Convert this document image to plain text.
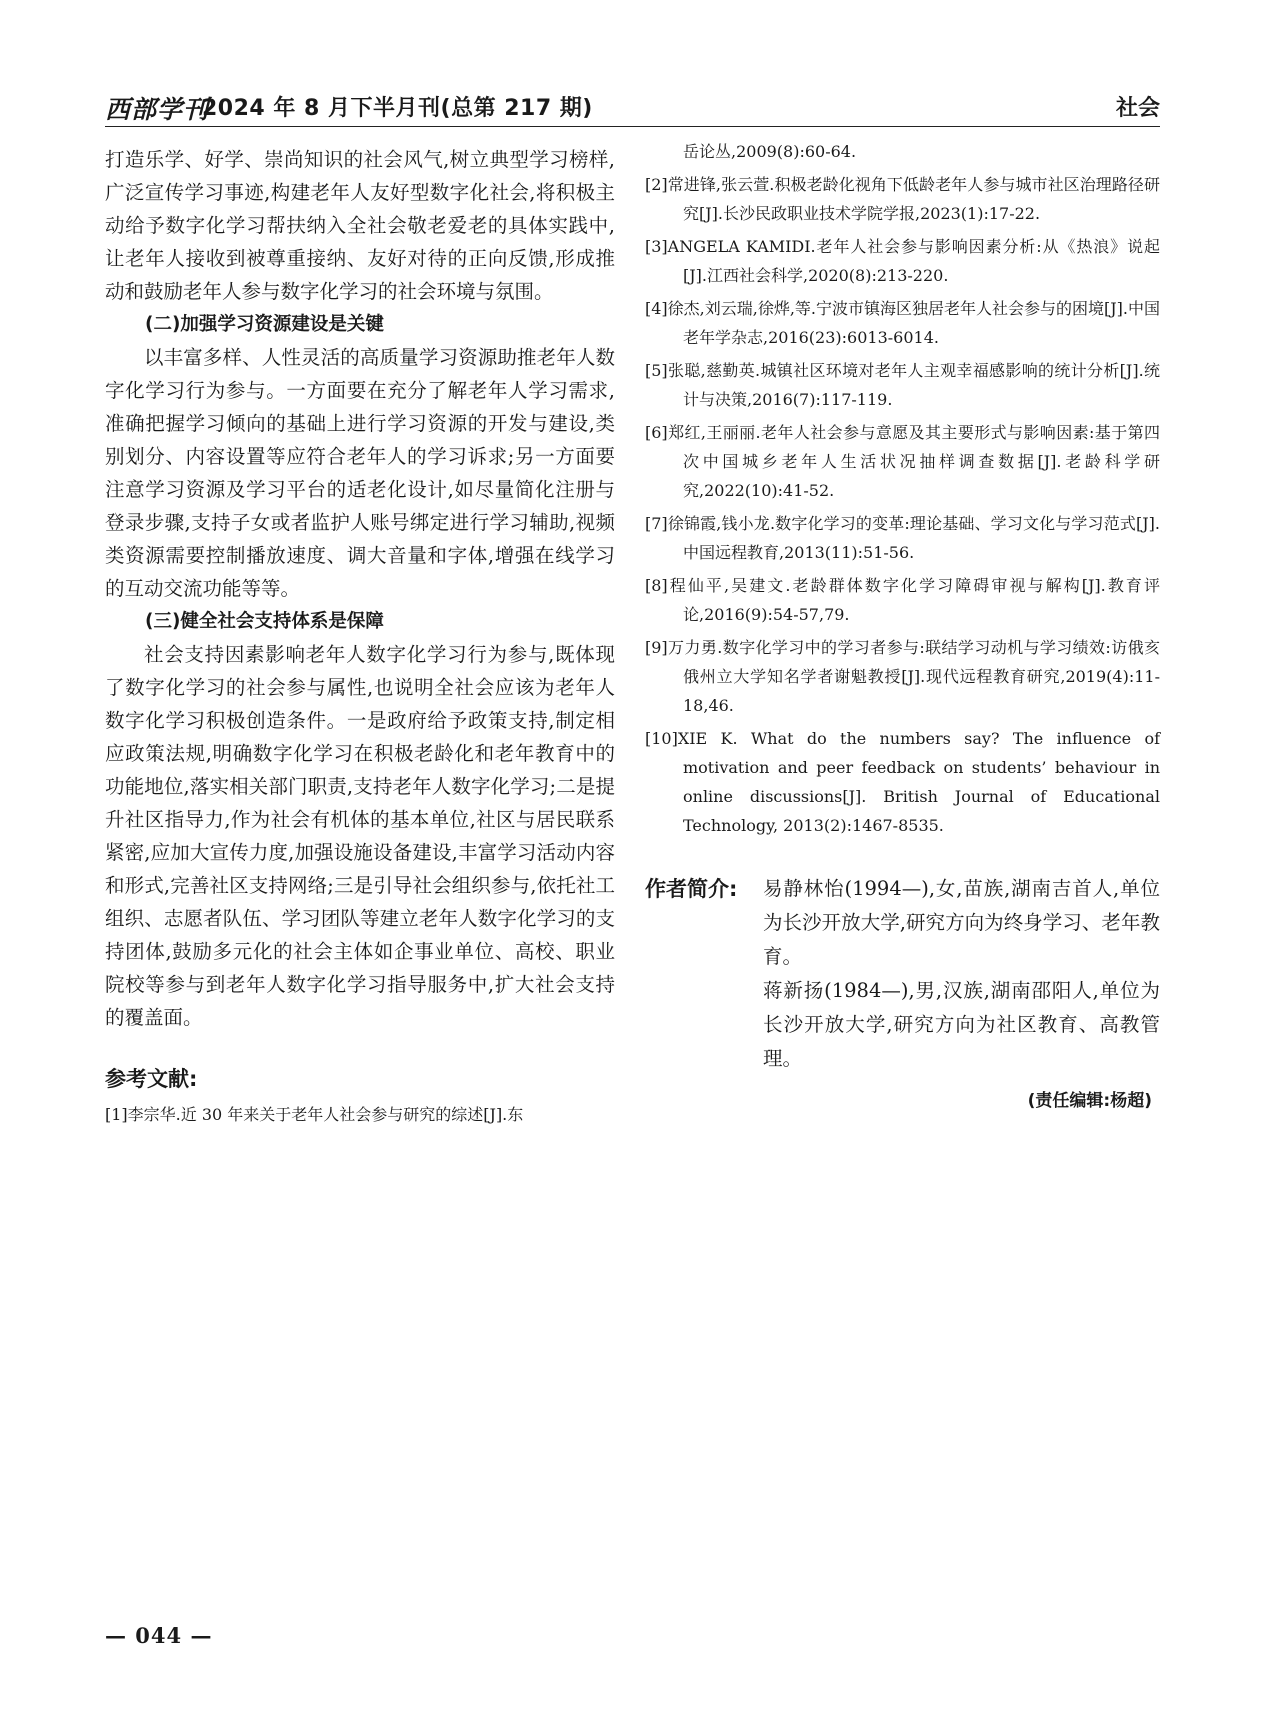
西部学刊
2024 年 8 月下半月刊(总第 217 期)	社会

打造乐学、好学、崇尚知识的社会风气,树立典型学习榜样,广泛宣传学习事迹,构建老年人友好型数字化社会,将积极主动给予数字化学习帮扶纳入全社会敬老爱老的具体实践中,让老年人接收到被尊重接纳、友好对待的正向反馈,形成推动和鼓励老年人参与数字化学习的社会环境与氛围。

(二)加强学习资源建设是关键

以丰富多样、人性灵活的高质量学习资源助推老年人数字化学习行为参与。一方面要在充分了解老年人学习需求,准确把握学习倾向的基础上进行学习资源的开发与建设,类别划分、内容设置等应符合老年人的学习诉求;另一方面要注意学习资源及学习平台的适老化设计,如尽量简化注册与登录步骤,支持子女或者监护人账号绑定进行学习辅助,视频类资源需要控制播放速度、调大音量和字体,增强在线学习的互动交流功能等等。

(三)健全社会支持体系是保障

社会支持因素影响老年人数字化学习行为参与,既体现了数字化学习的社会参与属性,也说明全社会应该为老年人数字化学习积极创造条件。一是政府给予政策支持,制定相应政策法规,明确数字化学习在积极老龄化和老年教育中的功能地位,落实相关部门职责,支持老年人数字化学习;二是提升社区指导力,作为社会有机体的基本单位,社区与居民联系紧密,应加大宣传力度,加强设施设备建设,丰富学习活动内容和形式,完善社区支持网络;三是引导社会组织参与,依托社工组织、志愿者队伍、学习团队等建立老年人数字化学习的支持团体,鼓励多元化的社会主体如企事业单位、高校、职业院校等参与到老年人数字化学习指导服务中,扩大社会支持的覆盖面。

参考文献:

[1]李宗华.近 30 年来关于老年人社会参与研究的综述[J].东

岳论丛,2009(8):60-64.

[2]常进锋,张云萱.积极老龄化视角下低龄老年人参与城市社区治理路径研究[J].长沙民政职业技术学院学报,2023(1):17-22.

[3]ANGELA KAMIDI.老年人社会参与影响因素分析:从《热浪》说起[J].江西社会科学,2020(8):213-220.

[4]徐杰,刘云瑞,徐烨,等.宁波市镇海区独居老年人社会参与的困境[J].中国老年学杂志,2016(23):6013-6014.

[5]张聪,慈勤英.城镇社区环境对老年人主观幸福感影响的统计分析[J].统计与决策,2016(7):117-119.

[6]郑红,王丽丽.老年人社会参与意愿及其主要形式与影响因素:基于第四次中国城乡老年人生活状况抽样调查数据[J].老龄科学研究,2022(10):41-52.

[7]徐锦霞,钱小龙.数字化学习的变革:理论基础、学习文化与学习范式[J].中国远程教育,2013(11):51-56.

[8]程仙平,吴建文.老龄群体数字化学习障碍审视与解构[J].教育评论,2016(9):54-57,79.

[9]万力勇.数字化学习中的学习者参与:联结学习动机与学习绩效:访俄亥俄州立大学知名学者谢魁教授[J].现代远程教育研究,2019(4):11-18,46.

[10]XIE K. What do the numbers say? The influence of motivation and peer feedback on students’ behaviour in online discussions[J]. British Journal of Educational Technology, 2013(2):1467-8535.

作者简介: 易静林怡(1994—),女,苗族,湖南吉首人,单位为长沙开放大学,研究方向为终身学习、老年教育。

蒋新扬(1984—),男,汉族,湖南邵阳人,单位为长沙开放大学,研究方向为社区教育、高教管理。

(责任编辑:杨超)
— 044 —
